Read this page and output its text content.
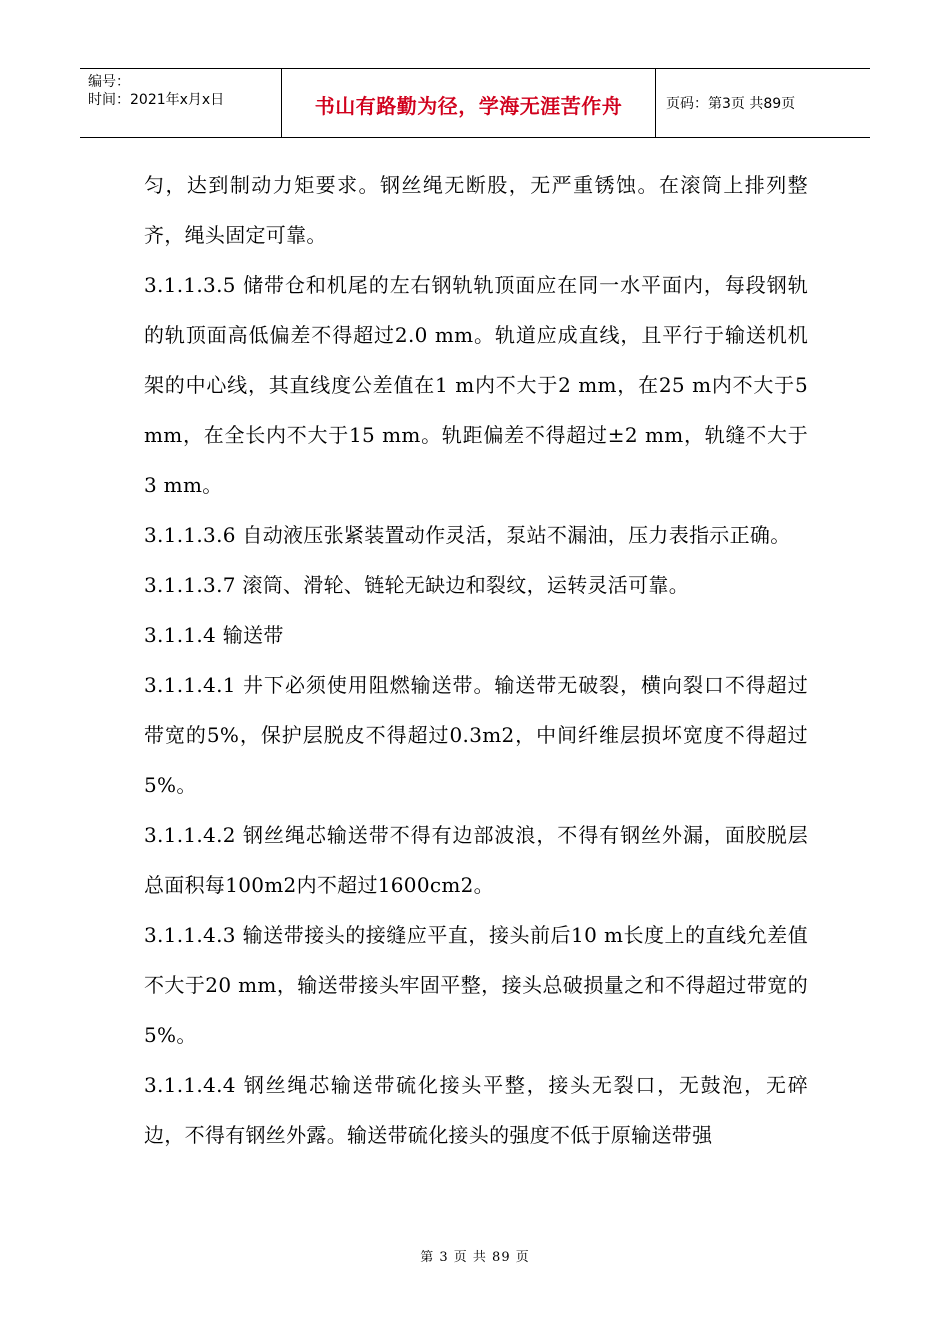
编号：
时间：2021年x月x日	书山有路勤为径，学海无涯苦作舟	页码：第3页 共89页

匀，达到制动力矩要求。钢丝绳无断股，无严重锈蚀。在滚筒上排列整齐，绳头固定可靠。

3.1.1.3.5 储带仓和机尾的左右钢轨轨顶面应在同一水平面内，每段钢轨的轨顶面高低偏差不得超过2.0 mm。轨道应成直线，且平行于输送机机架的中心线，其直线度公差值在1 m内不大于2 mm，在25 m内不大于5 mm，在全长内不大于15 mm。轨距偏差不得超过±2 mm，轨缝不大于3 mm。

3.1.1.3.6 自动液压张紧装置动作灵活，泵站不漏油，压力表指示正确。

3.1.1.3.7 滚筒、滑轮、链轮无缺边和裂纹，运转灵活可靠。

3.1.1.4 输送带

3.1.1.4.1 井下必须使用阻燃输送带。输送带无破裂，横向裂口不得超过带宽的5%，保护层脱皮不得超过0.3m2，中间纤维层损坏宽度不得超过5%。

3.1.1.4.2 钢丝绳芯输送带不得有边部波浪，不得有钢丝外漏，面胶脱层总面积每100m2内不超过1600cm2。

3.1.1.4.3 输送带接头的接缝应平直，接头前后10 m长度上的直线允差值不大于20 mm，输送带接头牢固平整，接头总破损量之和不得超过带宽的5%。

3.1.1.4.4 钢丝绳芯输送带硫化接头平整，接头无裂口，无鼓泡，无碎边，不得有钢丝外露。输送带硫化接头的强度不低于原输送带强

第 3 页 共 89 页
